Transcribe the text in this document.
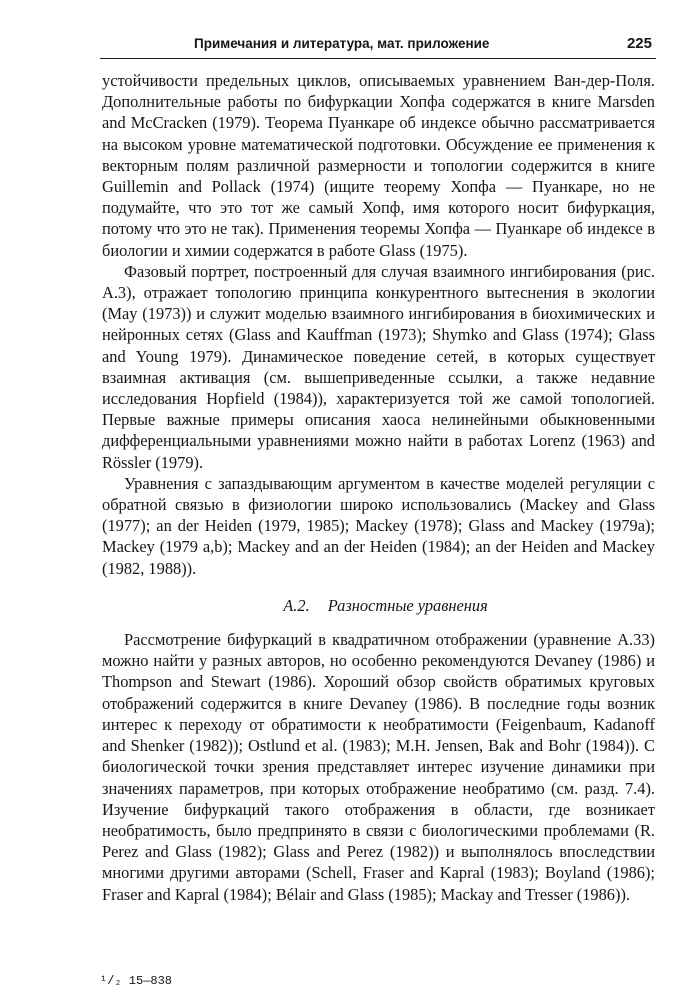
Примечания и литература, мат. приложение	225

устойчивости предельных циклов, описываемых уравнением Ван-дер-Поля. Дополнительные работы по бифуркации Хопфа содержатся в книге Marsden and McCracken (1979). Теорема Пуанкаре об индексе обычно рассматривается на высоком уровне математической подготовки. Обсуждение ее применения к векторным полям различной размерности и топологии содержится в книге Guillemin and Pollack (1974) (ищите теорему Хопфа — Пуанкаре, но не подумайте, что это тот же самый Хопф, имя которого носит бифуркация, потому что это не так). Применения теоремы Хопфа — Пуанкаре об индексе в биологии и химии содержатся в работе Glass (1975).

Фазовый портрет, построенный для случая взаимного ингибирования (рис. А.3), отражает топологию принципа конкурентного вытеснения в экологии (May (1973)) и служит моделью взаимного ингибирования в биохимических и нейронных сетях (Glass and Kauffman (1973); Shymko and Glass (1974); Glass and Young 1979). Динамическое поведение сетей, в которых существует взаимная активация (см. вышеприведенные ссылки, а также недавние исследования Hopfield (1984)), характеризуется той же самой топологией. Первые важные примеры описания хаоса нелинейными обыкновенными дифференциальными уравнениями можно найти в работах Lorenz (1963) and Rössler (1979).

Уравнения с запаздывающим аргументом в качестве моделей регуляции с обратной связью в физиологии широко использовались (Mackey and Glass (1977); an der Heiden (1979, 1985); Mackey (1978); Glass and Mackey (1979a); Mackey (1979 a,b); Mackey and an der Heiden (1984); an der Heiden and Mackey (1982, 1988)).

А.2. Разностные уравнения

Рассмотрение бифуркаций в квадратичном отображении (уравнение А.33) можно найти у разных авторов, но особенно рекомендуются Devaney (1986) и Thompson and Stewart (1986). Хороший обзор свойств обратимых круговых отображений содержится в книге Devaney (1986). В последние годы возник интерес к переходу от обратимости к необратимости (Feigenbaum, Kadanoff and Shenker (1982)); Ostlund et al. (1983); M.H. Jensen, Bak and Bohr (1984)). С биологической точки зрения представляет интерес изучение динамики при значениях параметров, при которых отображение необратимо (см. разд. 7.4). Изучение бифуркаций такого отображения в области, где возникает необратимость, было предпринято в связи с биологическими проблемами (R. Perez and Glass (1982); Glass and Perez (1982)) и выполнялось впоследствии многими другими авторами (Schell, Fraser and Kapral (1983); Boyland (1986); Fraser and Kapral (1984); Bélair and Glass (1985); Mackay and Tresser (1986)).

¹/₂ 15—838
